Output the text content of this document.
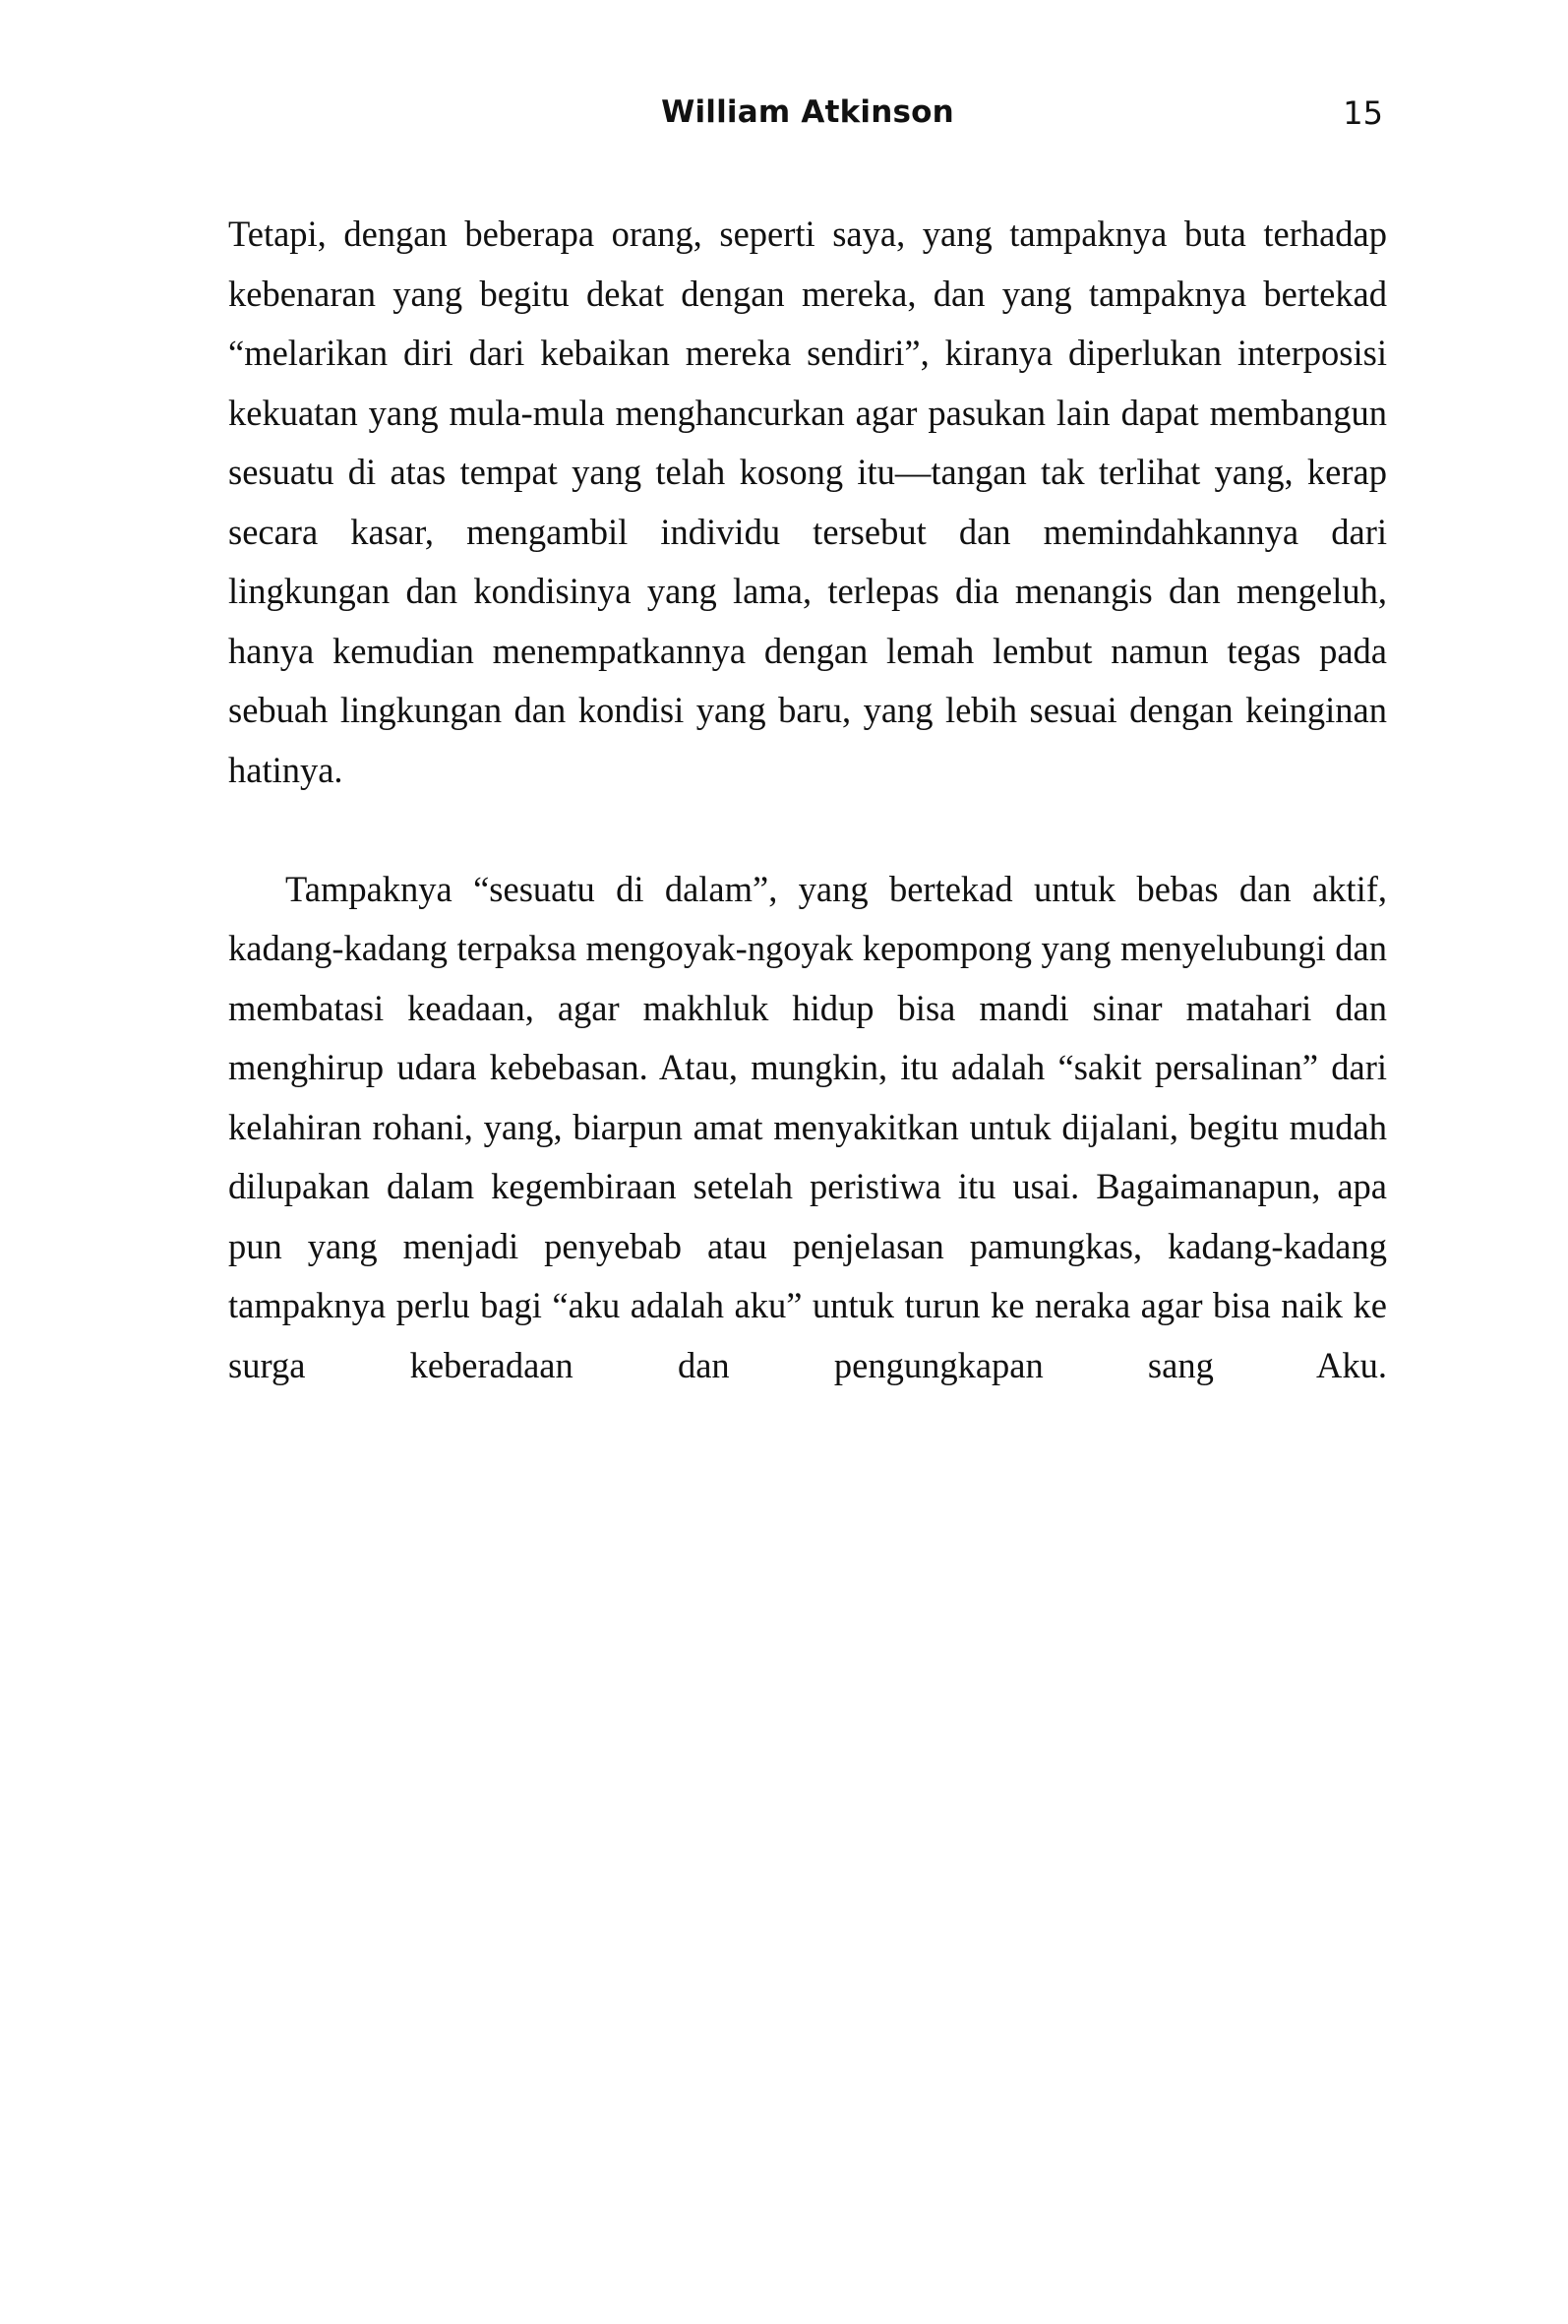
William Atkinson	15

Tetapi, dengan beberapa orang, seperti saya, yang tampaknya buta terhadap kebenaran yang begitu dekat dengan mereka, dan yang tampaknya bertekad “melarikan diri dari kebaikan mereka sendiri”, kiranya diperlukan interposisi kekuatan yang mula-mula menghancurkan agar pasukan lain dapat membangun sesuatu di atas tempat yang telah kosong itu—tangan tak terlihat yang, kerap secara kasar, mengambil individu tersebut dan memindahkannya dari lingkungan dan kondisinya yang lama, terlepas dia menangis dan mengeluh, hanya kemudian menempatkannya dengan lemah lembut namun tegas pada sebuah lingkungan dan kondisi yang baru, yang lebih sesuai dengan keinginan hatinya.

Tampaknya “sesuatu di dalam”, yang bertekad untuk bebas dan aktif, kadang-kadang terpaksa mengoyak-ngoyak kepompong yang menyelubungi dan membatasi keadaan, agar makhluk hidup bisa mandi sinar matahari dan menghirup udara kebebasan. Atau, mungkin, itu adalah “sakit persalinan” dari kelahiran rohani, yang, biarpun amat menyakitkan untuk dijalani, begitu mudah dilupakan dalam kegembiraan setelah peristiwa itu usai. Bagaimanapun, apa pun yang menjadi penyebab atau penjelasan pamungkas, kadang-kadang tampaknya perlu bagi “aku adalah aku” untuk turun ke neraka agar bisa naik ke surga keberadaan dan pengungkapan sang Aku.
